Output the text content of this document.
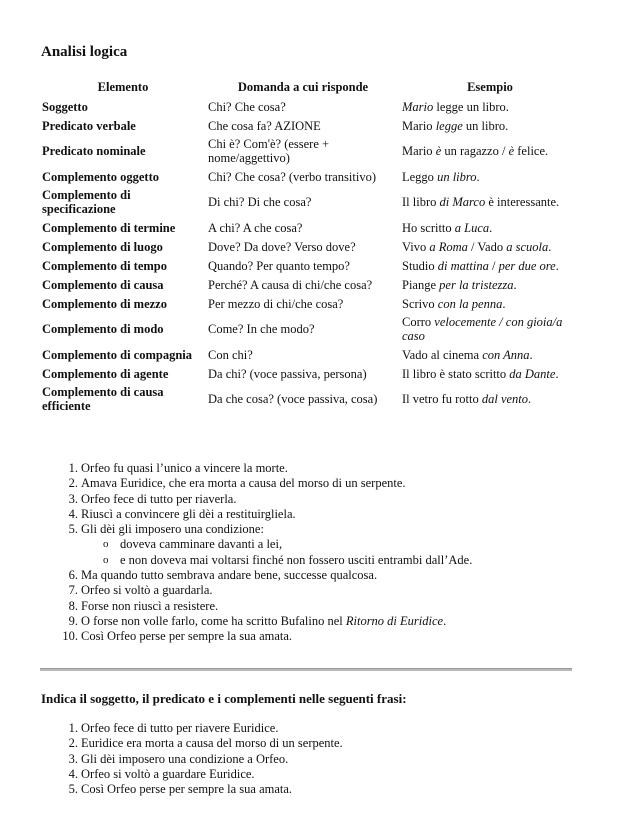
Analisi logica
Elemento	Domanda a cui risponde	Esempio
Soggetto	Chi? Che cosa?	Mario legge un libro.
Predicato verbale	Che cosa fa? AZIONE	Mario legge un libro.
Predicato nominale	Chi è? Com'è? (essere + nome/aggettivo)	Mario è un ragazzo / è felice.
Complemento oggetto	Chi? Che cosa? (verbo transitivo)	Leggo un libro.
Complemento di specificazione	Di chi? Di che cosa?	Il libro di Marco è interessante.
Complemento di termine	A chi? A che cosa?	Ho scritto a Luca.
Complemento di luogo	Dove? Da dove? Verso dove?	Vivo a Roma / Vado a scuola.
Complemento di tempo	Quando? Per quanto tempo?	Studio di mattina / per due ore.
Complemento di causa	Perché? A causa di chi/che cosa?	Piange per la tristezza.
Complemento di mezzo	Per mezzo di chi/che cosa?	Scrivo con la penna.
Complemento di modo	Come? In che modo?	Corro velocemente / con gioia/a caso
Complemento di compagnia	Con chi?	Vado al cinema con Anna.
Complemento di agente	Da chi? (voce passiva, persona)	Il libro è stato scritto da Dante.
Complemento di causa efficiente	Da che cosa? (voce passiva, cosa)	Il vetro fu rotto dal vento.
1. Orfeo fu quasi l’unico a vincere la morte.
2. Amava Euridice, che era morta a causa del morso di un serpente.
3. Orfeo fece di tutto per riaverla.
4. Riuscì a convincere gli dèi a restituirgliela.
5. Gli dèi gli imposero una condizione:
o doveva camminare davanti a lei,
o e non doveva mai voltarsi finché non fossero usciti entrambi dall’Ade.
6. Ma quando tutto sembrava andare bene, successe qualcosa.
7. Orfeo si voltò a guardarla.
8. Forse non riuscì a resistere.
9. O forse non volle farlo, come ha scritto Bufalino nel Ritorno di Euridice.
10. Così Orfeo perse per sempre la sua amata.
Indica il soggetto, il predicato e i complementi nelle seguenti frasi:
1. Orfeo fece di tutto per riavere Euridice.
2. Euridice era morta a causa del morso di un serpente.
3. Gli dèi imposero una condizione a Orfeo.
4. Orfeo si voltò a guardare Euridice.
5. Così Orfeo perse per sempre la sua amata.
